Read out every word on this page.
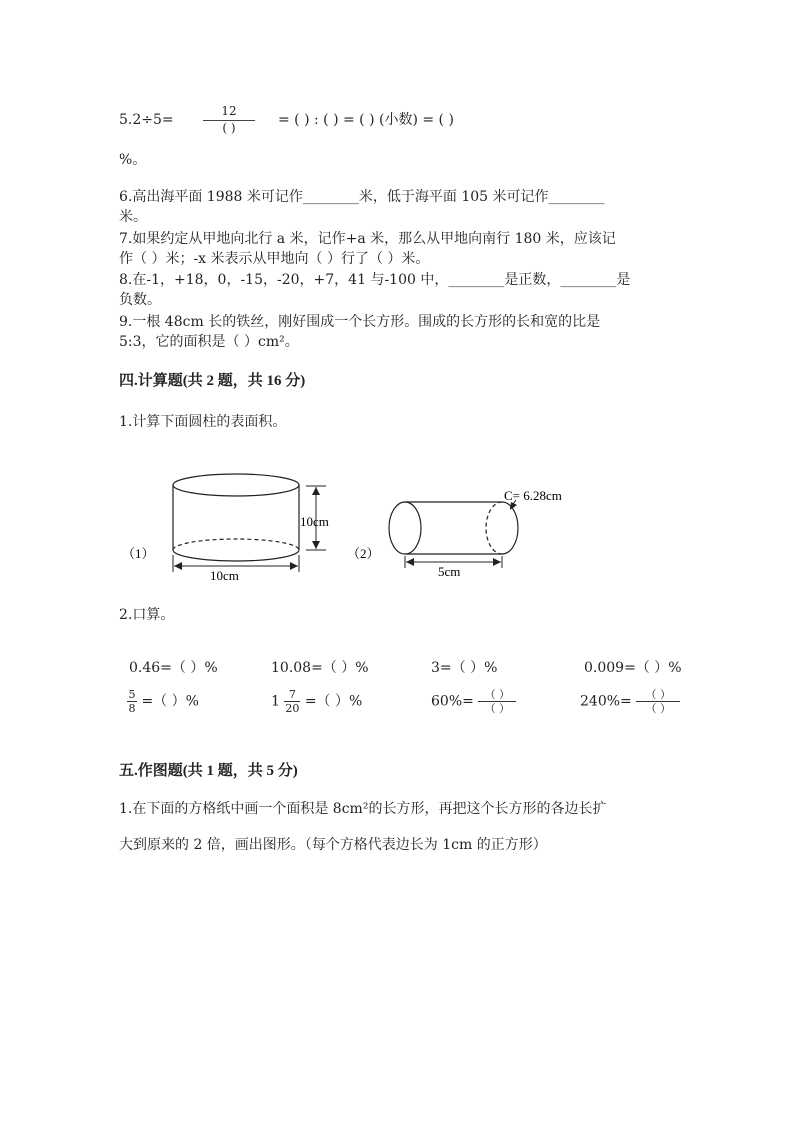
5.2÷5=
12
( )	= ( ) : ( ) = ( ) (小数) = ( )
%。
6.高出海平面 1988 米可记作________米，低于海平面 105 米可记作________
米。
7.如果约定从甲地向北行 a 米，记作+a 米，那么从甲地向南行 180 米，应该记
作（ ）米；-x 米表示从甲地向（ ）行了（ ）米。
8.在-1，+18，0，-15，-20，+7，41 与-100 中，________是正数，________是
负数。
9.一根 48cm 长的铁丝，刚好围成一个长方形。围成的长方形的长和宽的比是
5:3，它的面积是（ ）cm²。
四.计算题(共 2 题，共 16 分)
1.计算下面圆柱的表面积。
（1）
10cm
10cm
（2）
C= 6.28cm
5cm
2.口算。
0.46=（ ）%	10.08=（ ）%	3=（ ）%	0.009=（ ）%
$\frac{5}{8}$ =（ ）%	$1 \frac{7}{20}$ =（ ）%	$60\%= \frac{( )}{( )}$	$240\%= \frac{( )}{( )}$
五.作图题(共 1 题，共 5 分)
1.在下面的方格纸中画一个面积是 8cm²的长方形，再把这个长方形的各边长扩
大到原来的 2 倍，画出图形。（每个方格代表边长为 1cm 的正方形）
